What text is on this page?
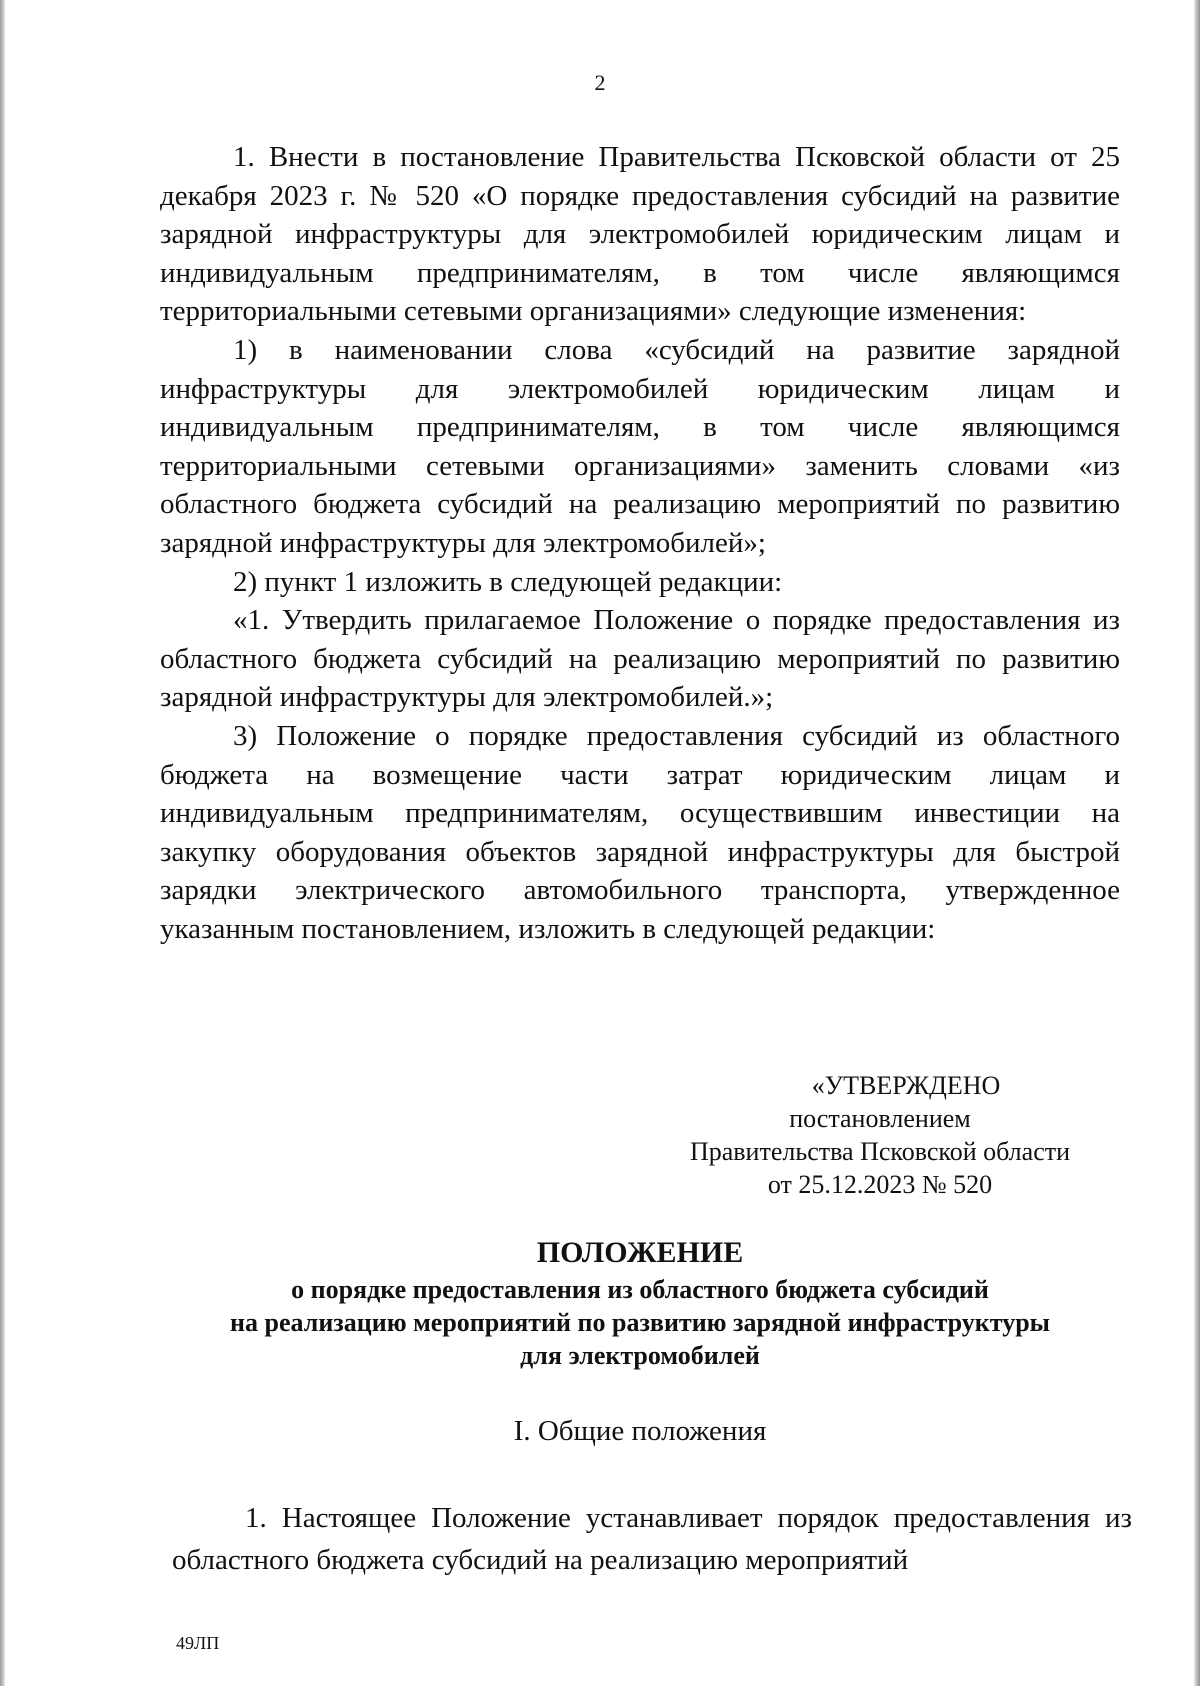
2

1. Внести в постановление Правительства Псковской области от 25 декабря 2023 г. № 520 «О порядке предоставления субсидий на развитие зарядной инфраструктуры для электромобилей юридическим лицам и индивидуальным предпринимателям, в том числе являющимся территориальными сетевыми организациями» следующие изменения:

1) в наименовании слова «субсидий на развитие зарядной инфраструктуры для электромобилей юридическим лицам и индивидуальным предпринимателям, в том числе являющимся территориальными сетевыми организациями» заменить словами «из областного бюджета субсидий на реализацию мероприятий по развитию зарядной инфраструктуры для электромобилей»;

2) пункт 1 изложить в следующей редакции:

«1. Утвердить прилагаемое Положение о порядке предоставления из областного бюджета субсидий на реализацию мероприятий по развитию зарядной инфраструктуры для электромобилей.»;

3) Положение о порядке предоставления субсидий из областного бюджета на возмещение части затрат юридическим лицам и индивидуальным предпринимателям, осуществившим инвестиции на закупку оборудования объектов зарядной инфраструктуры для быстрой зарядки электрического автомобильного транспорта, утвержденное указанным постановлением, изложить в следующей редакции:

«УТВЕРЖДЕНО
постановлением
Правительства Псковской области
от 25.12.2023 № 520
ПОЛОЖЕНИЕ
о порядке предоставления из областного бюджета субсидий
на реализацию мероприятий по развитию зарядной инфраструктуры
для электромобилей
I. Общие положения

1. Настоящее Положение устанавливает порядок предоставления из областного бюджета субсидий на реализацию мероприятий

49ЛП
